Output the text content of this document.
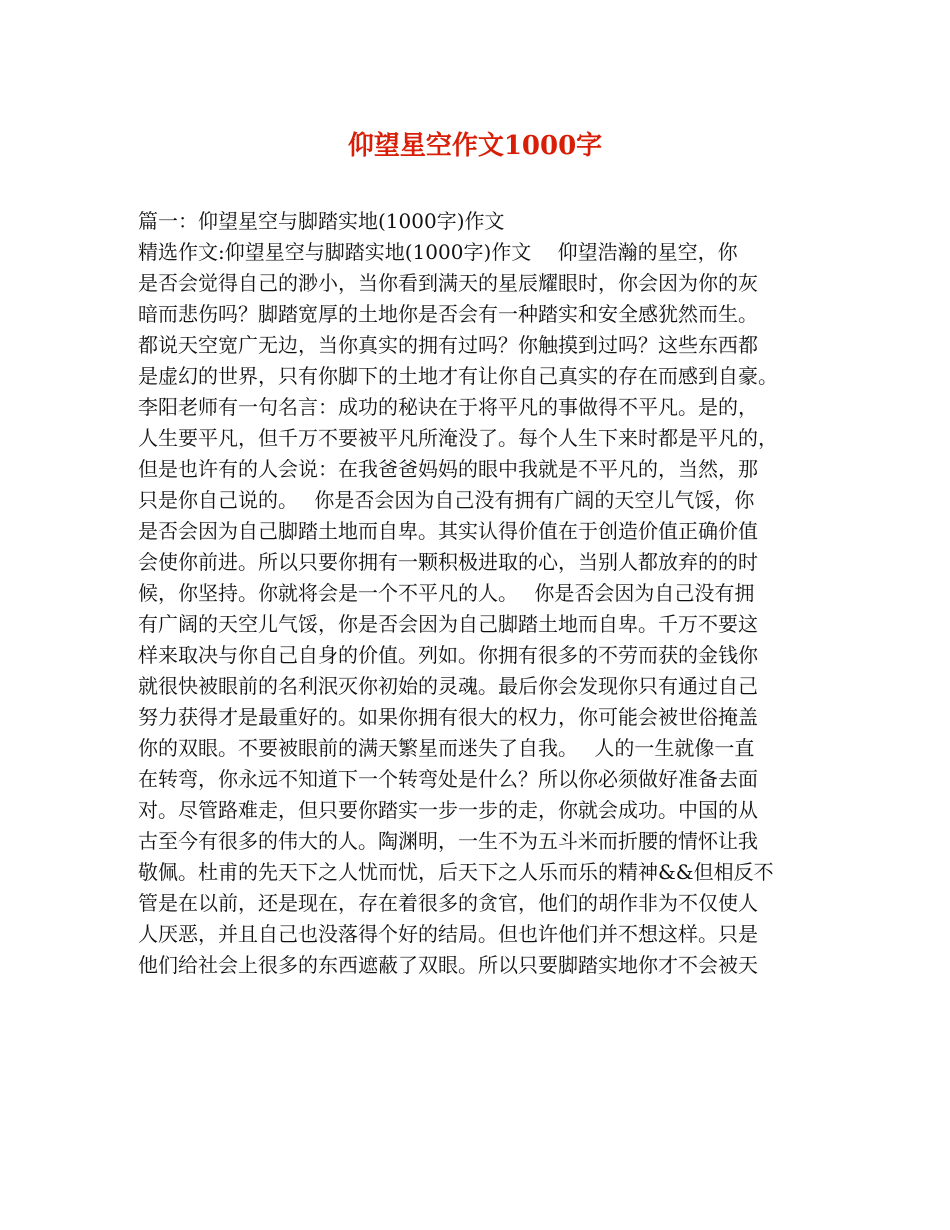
仰望星空作文1000字
篇一：仰望星空与脚踏实地(1000字)作文
精选作文:仰望星空与脚踏实地(1000字)作文　 仰望浩瀚的星空，你
是否会觉得自己的渺小，当你看到满天的星辰耀眼时，你会因为你的灰
暗而悲伤吗？脚踏宽厚的土地你是否会有一种踏实和安全感犹然而生。
都说天空宽广无边，当你真实的拥有过吗？你触摸到过吗？这些东西都
是虚幻的世界，只有你脚下的土地才有让你自己真实的存在而感到自豪。
李阳老师有一句名言：成功的秘诀在于将平凡的事做得不平凡。是的，
人生要平凡，但千万不要被平凡所淹没了。每个人生下来时都是平凡的，
但是也许有的人会说：在我爸爸妈妈的眼中我就是不平凡的，当然，那
只是你自己说的。　 你是否会因为自己没有拥有广阔的天空儿气馁，你
是否会因为自己脚踏土地而自卑。其实认得价值在于创造价值正确价值
会使你前进。所以只要你拥有一颗积极进取的心，当别人都放弃的的时
候，你坚持。你就将会是一个不平凡的人。　 你是否会因为自己没有拥
有广阔的天空儿气馁，你是否会因为自己脚踏土地而自卑。千万不要这
样来取决与你自己自身的价值。列如。你拥有很多的不劳而获的金钱你
就很快被眼前的名利泯灭你初始的灵魂。最后你会发现你只有通过自己
努力获得才是最重好的。如果你拥有很大的权力，你可能会被世俗掩盖
你的双眼。不要被眼前的满天繁星而迷失了自我。　 人的一生就像一直
在转弯，你永远不知道下一个转弯处是什么？所以你必须做好准备去面
对。尽管路难走，但只要你踏实一步一步的走，你就会成功。中国的从
古至今有很多的伟大的人。陶渊明，一生不为五斗米而折腰的情怀让我
敬佩。杜甫的先天下之人忧而忧，后天下之人乐而乐的精神&&但相反不
管是在以前，还是现在，存在着很多的贪官，他们的胡作非为不仅使人
人厌恶，并且自己也没落得个好的结局。但也许他们并不想这样。只是
他们给社会上很多的东西遮蔽了双眼。所以只要脚踏实地你才不会被天
